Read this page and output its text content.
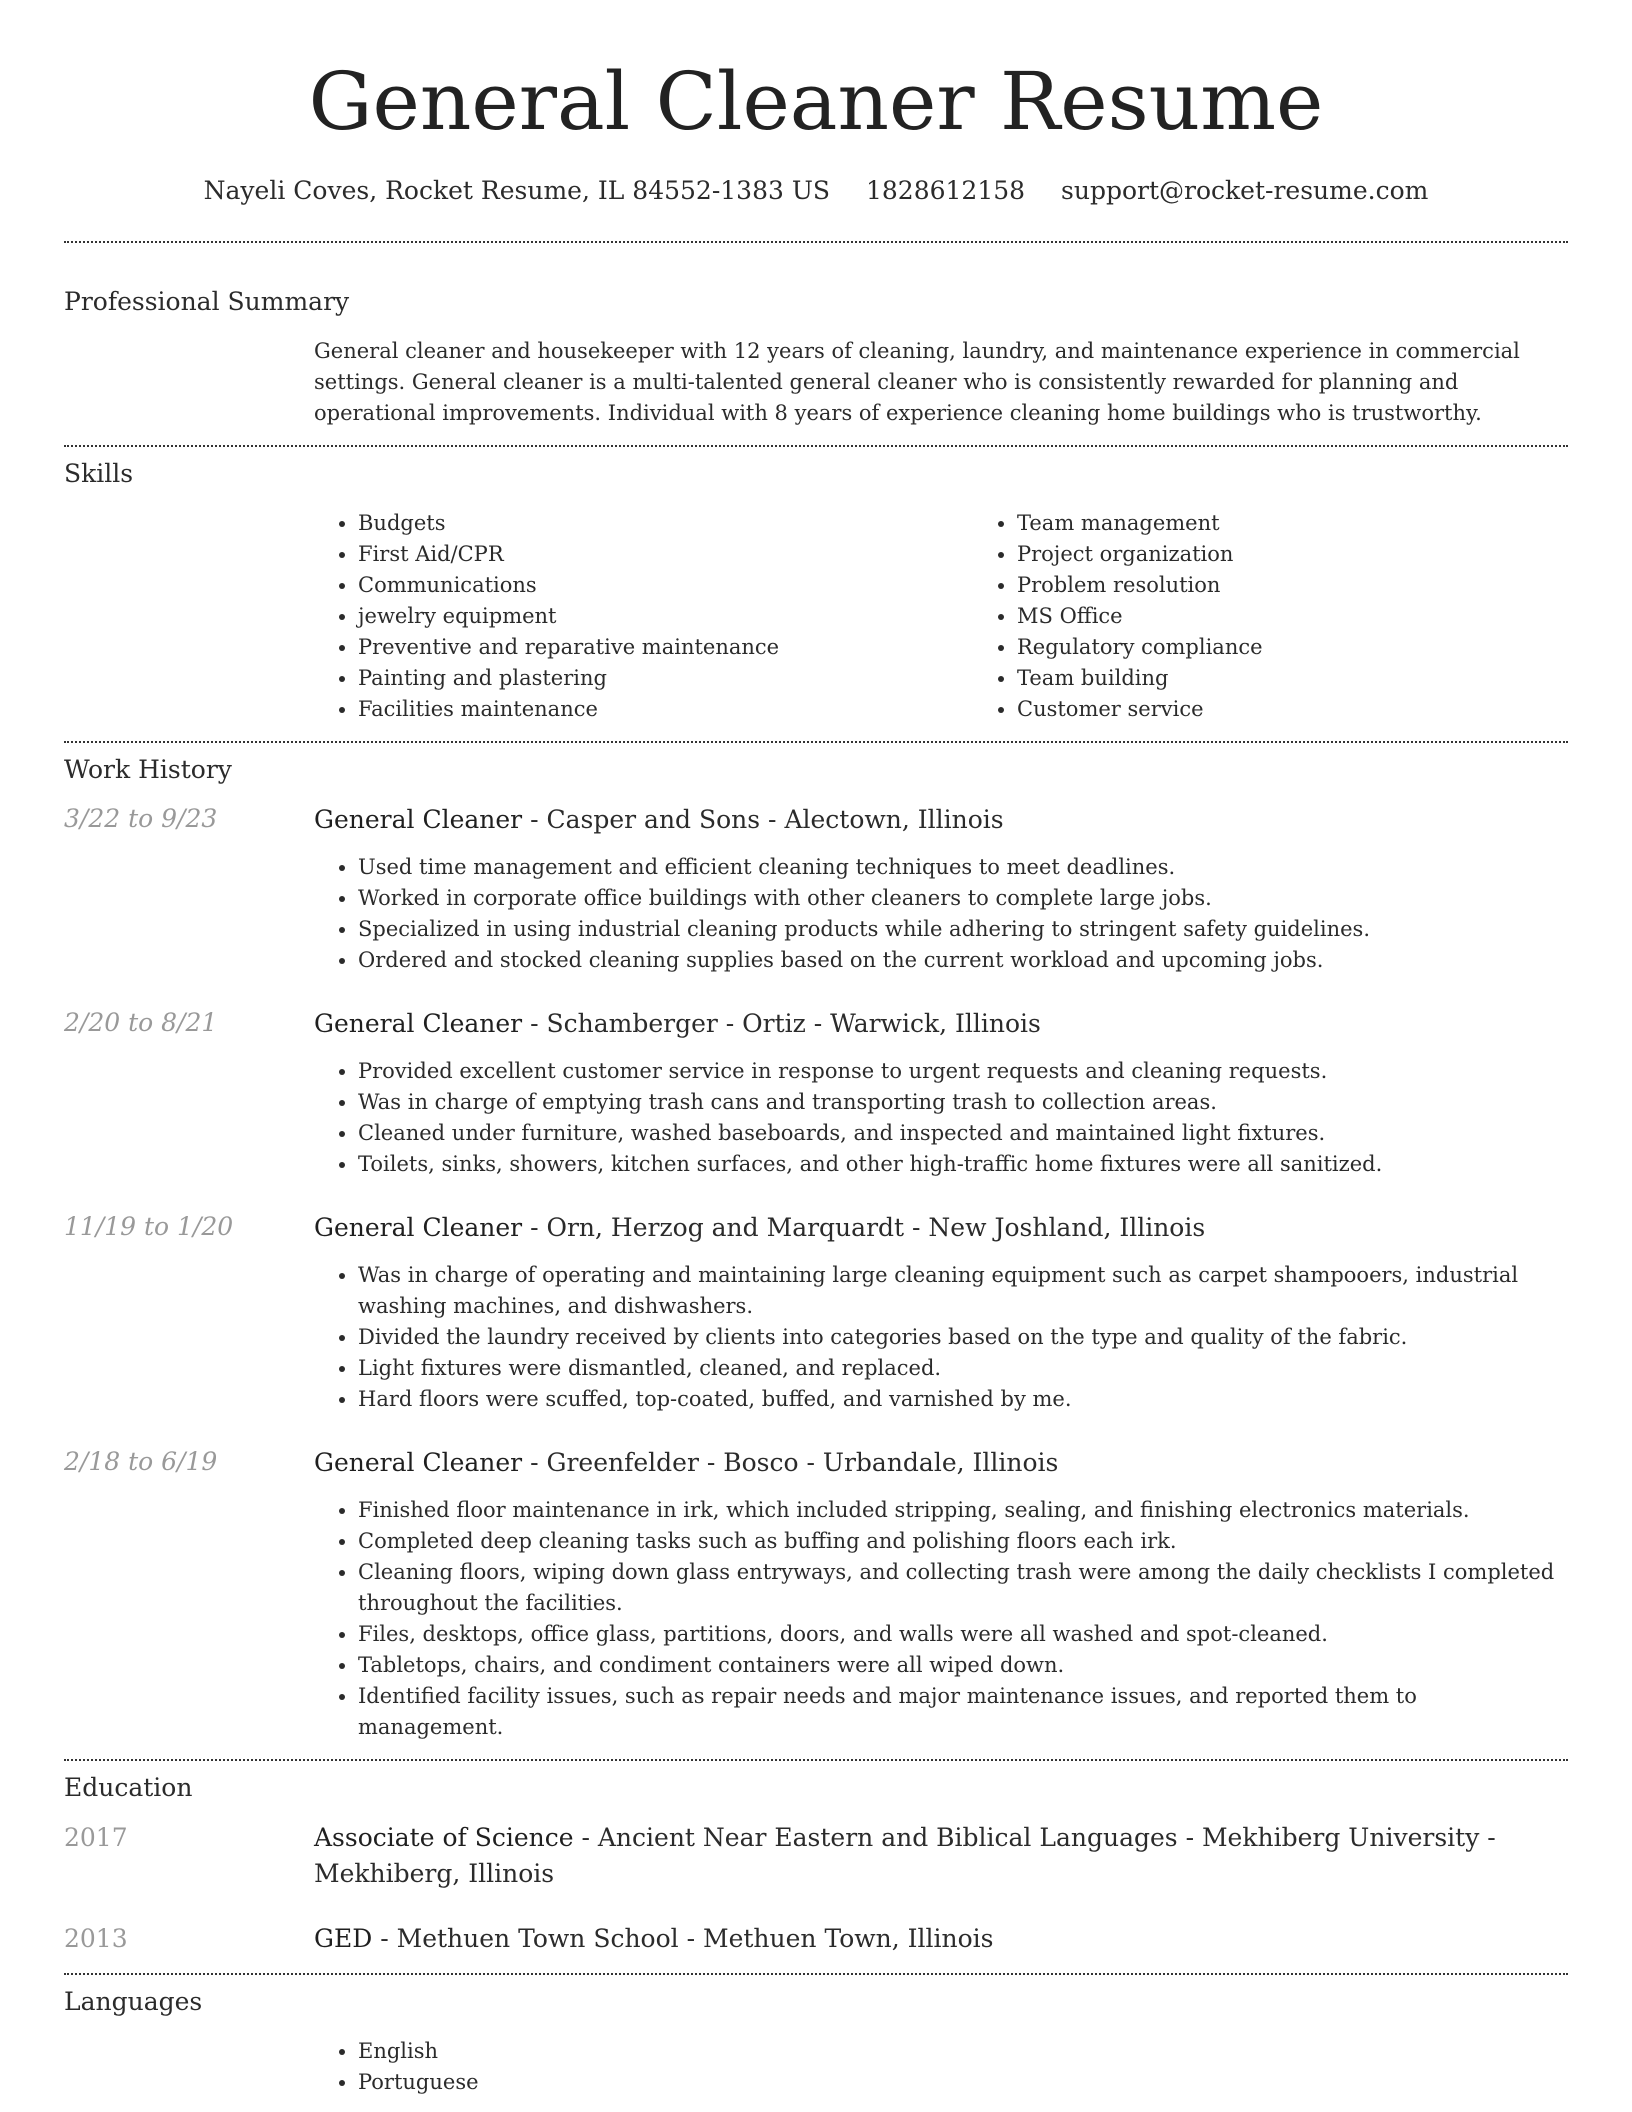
General Cleaner Resume
Nayeli Coves, Rocket Resume, IL 84552-1383 US 1828612158 support@rocket-resume.com
Professional Summary

General cleaner and housekeeper with 12 years of cleaning, laundry, and maintenance experience in commercial settings. General cleaner is a multi-talented general cleaner who is consistently rewarded for planning and operational improvements. Individual with 8 years of experience cleaning home buildings who is trustworthy.

Skills
• Budgets
• First Aid/CPR
• Communications
• jewelry equipment
• Preventive and reparative maintenance
• Painting and plastering
• Facilities maintenance
• Team management
• Project organization
• Problem resolution
• MS Office
• Regulatory compliance
• Team building
• Customer service
Work History
3/22 to 9/23	General Cleaner - Casper and Sons - Alectown, Illinois
• Used time management and efficient cleaning techniques to meet deadlines.
• Worked in corporate office buildings with other cleaners to complete large jobs.
• Specialized in using industrial cleaning products while adhering to stringent safety guidelines.
• Ordered and stocked cleaning supplies based on the current workload and upcoming jobs.
2/20 to 8/21	General Cleaner - Schamberger - Ortiz - Warwick, Illinois
• Provided excellent customer service in response to urgent requests and cleaning requests.
• Was in charge of emptying trash cans and transporting trash to collection areas.
• Cleaned under furniture, washed baseboards, and inspected and maintained light fixtures.
• Toilets, sinks, showers, kitchen surfaces, and other high-traffic home fixtures were all sanitized.
11/19 to 1/20	General Cleaner - Orn, Herzog and Marquardt - New Joshland, Illinois
• Was in charge of operating and maintaining large cleaning equipment such as carpet shampooers, industrial washing machines, and dishwashers.
• Divided the laundry received by clients into categories based on the type and quality of the fabric.
• Light fixtures were dismantled, cleaned, and replaced.
• Hard floors were scuffed, top-coated, buffed, and varnished by me.
2/18 to 6/19	General Cleaner - Greenfelder - Bosco - Urbandale, Illinois
• Finished floor maintenance in irk, which included stripping, sealing, and finishing electronics materials.
• Completed deep cleaning tasks such as buffing and polishing floors each irk.
• Cleaning floors, wiping down glass entryways, and collecting trash were among the daily checklists I completed throughout the facilities.
• Files, desktops, office glass, partitions, doors, and walls were all washed and spot-cleaned.
• Tabletops, chairs, and condiment containers were all wiped down.
• Identified facility issues, such as repair needs and major maintenance issues, and reported them to management.
Education
2017	Associate of Science - Ancient Near Eastern and Biblical Languages - Mekhiberg University - Mekhiberg, Illinois
2013	GED - Methuen Town School - Methuen Town, Illinois
Languages
• English
• Portuguese
